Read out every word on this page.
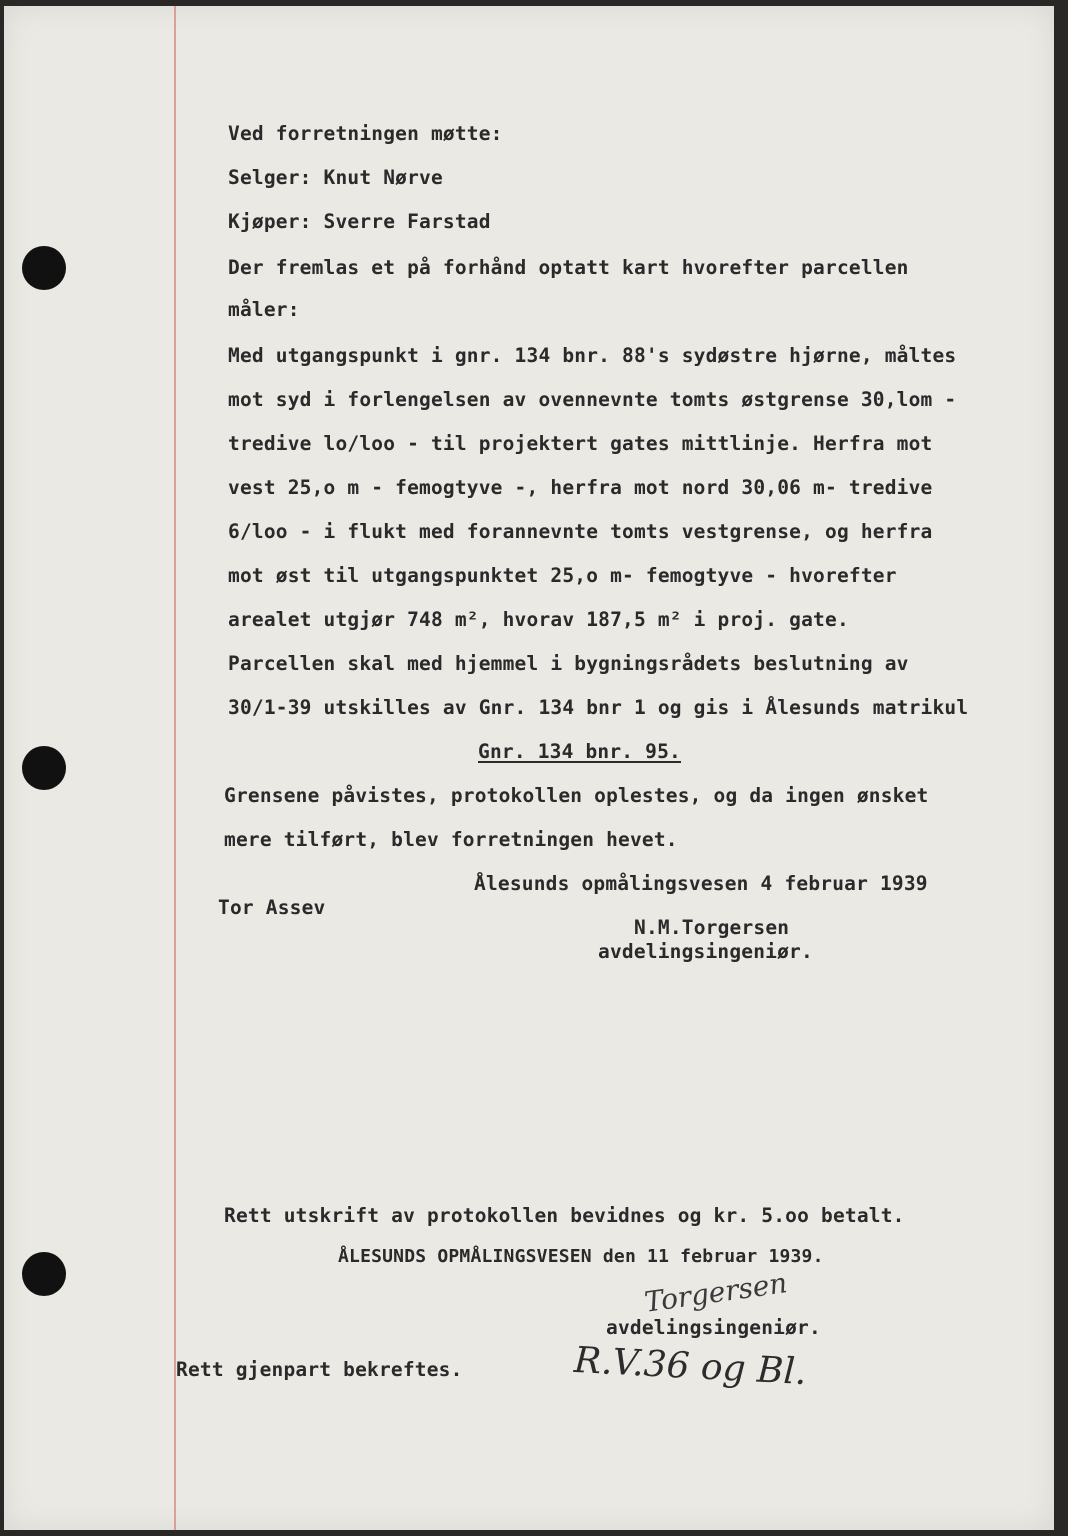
Ved forretningen møtte:
Selger: Knut Nørve
Kjøper: Sverre Farstad
Der fremlas et på forhånd optatt kart hvorefter parcellen
måler:
Med utgangspunkt i gnr. 134 bnr. 88's sydøstre hjørne, måltes
mot syd i forlengelsen av ovennevnte tomts østgrense 30,lom -
tredive lo/loo - til projektert gates mittlinje. Herfra mot
vest 25,o m - femogtyve -, herfra mot nord 30,06 m- tredive
6/loo - i flukt med forannevnte tomts vestgrense, og herfra
mot øst til utgangspunktet 25,o m- femogtyve - hvorefter
arealet utgjør 748 m², hvorav 187,5 m² i proj. gate.
Parcellen skal med hjemmel i bygningsrådets beslutning av
30/1-39 utskilles av Gnr. 134 bnr 1 og gis i Ålesunds matrikul
Gnr. 134 bnr. 95.
Grensene påvistes, protokollen oplestes, og da ingen ønsket
mere tilført, blev forretningen hevet.
Ålesunds opmålingsvesen 4 februar 1939
Tor Assev
N.M.Torgersen
avdelingsingeniør.
Rett utskrift av protokollen bevidnes og kr. 5.oo betalt.
ÅLESUNDS OPMÅLINGSVESEN den 11 februar 1939.
Torgersen
avdelingsingeniør.
Rett gjenpart bekreftes.	R.V.36 og Bl.
